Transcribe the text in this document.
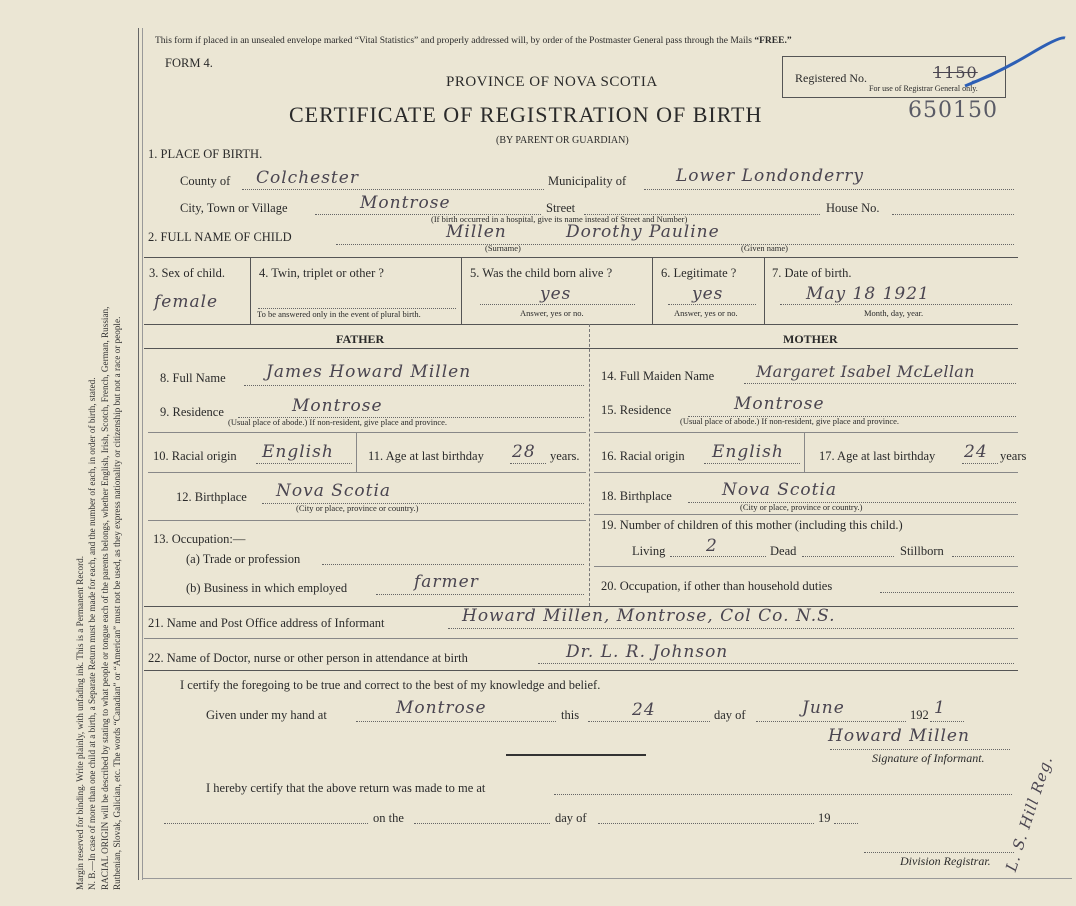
Margin reserved for binding. Write plainly, with unfading ink. This is a Permanent Record. N. B.—In case of more than one child at a birth, a Separate Return must be made for each, and the number of each, in order of birth, stated. RACIAL ORIGIN will be described by stating to what people or tongue each of the parents belongs, whether English, Irish, Scotch, French, German, Russian, Ruthenian, Slovak, Galician, etc. The words “Canadian” or “American” must not be used, as they express nationality or citizenship but not a race or people.
This form if placed in an unsealed envelope marked “Vital Statistics” and properly addressed will, by order of the Postmaster General pass through the Mails “FREE.”
FORM 4.
PROVINCE OF NOVA SCOTIA
CERTIFICATE OF REGISTRATION OF BIRTH
(BY PARENT OR GUARDIAN)
Registered No.	1150
For use of Registrar General only.
650150
1. PLACE OF BIRTH.
County of Colchester	Municipality of	Lower Londonderry
City, Town or Village	Montrose	Street	House No.
(If birth occurred in a hospital, give its name instead of Street and Number)
2. FULL NAME OF CHILD	Millen	Dorothy Pauline
(Surname)	(Given name)
3. Sex of child.
female
4. Twin, triplet or other ?
To be answered only in the event of plural birth.
5. Was the child born alive ?
yes
Answer, yes or no.
6. Legitimate ?
yes
Answer, yes or no.
7. Date of birth.
May 18 1921
Month, day, year.
FATHER	MOTHER
8. Full Name James Howard Millen
9. Residence	Montrose
(Usual place of abode.) If non-resident, give place and province.
10. Racial origin English	11. Age at last birthday 28 years.
12. Birthplace Nova Scotia
(City or place, province or country.)
13. Occupation:—
(a) Trade or profession
(b) Business in which employed	farmer
14. Full Maiden Name	Margaret Isabel McLellan
15. Residence	Montrose
(Usual place of abode.) If non-resident, give place and province.
16. Racial origin English	17. Age at last birthday 24 years
18. Birthplace	Nova Scotia
(City or place, province or country.)
19. Number of children of this mother (including this child.)
Living 2	Dead	Stillborn
20. Occupation, if other than household duties
21. Name and Post Office address of Informant	Howard Millen, Montrose, Col Co. N.S.
22. Name of Doctor, nurse or other person in attendance at birth	Dr. L. R. Johnson
I certify the foregoing to be true and correct to the best of my knowledge and belief.
Given under my hand at	Montrose	this	24	day of	June	192 1
Howard Millen
Signature of Informant.
I hereby certify that the above return was made to me at
on the	day of	19
Division Registrar. L. S. Hill Reg.
